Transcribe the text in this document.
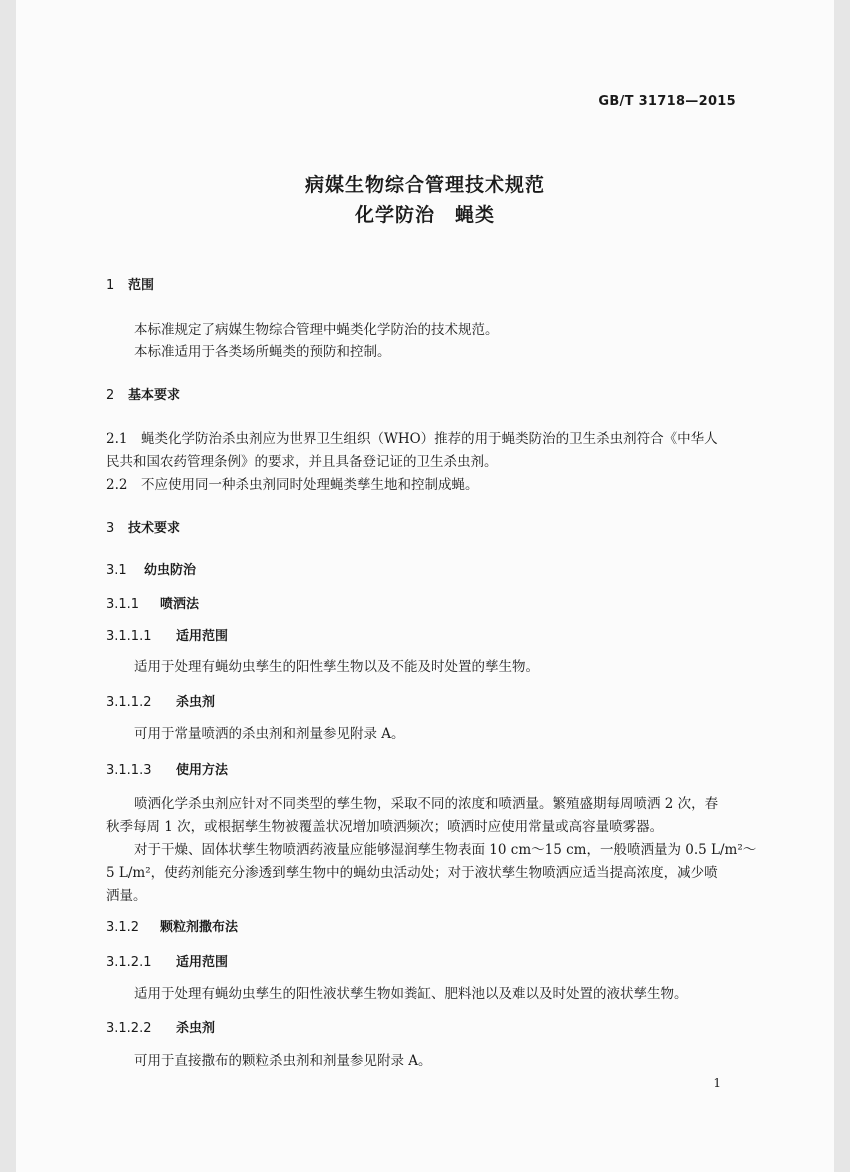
GB/T 31718—2015
病媒生物综合管理技术规范
化学防治　蝇类
1 范围
本标准规定了病媒生物综合管理中蝇类化学防治的技术规范。
本标准适用于各类场所蝇类的预防和控制。
2 基本要求
2.1　蝇类化学防治杀虫剂应为世界卫生组织（WHO）推荐的用于蝇类防治的卫生杀虫剂符合《中华人
民共和国农药管理条例》的要求，并且具备登记证的卫生杀虫剂。
2.2　不应使用同一种杀虫剂同时处理蝇类孳生地和控制成蝇。
3 技术要求
3.1 幼虫防治
3.1.1 喷洒法
3.1.1.1 适用范围
适用于处理有蝇幼虫孳生的阳性孳生物以及不能及时处置的孳生物。
3.1.1.2 杀虫剂
可用于常量喷洒的杀虫剂和剂量参见附录 A。
3.1.1.3 使用方法
喷洒化学杀虫剂应针对不同类型的孳生物，采取不同的浓度和喷洒量。繁殖盛期每周喷洒 2 次，春
秋季每周 1 次，或根据孳生物被覆盖状况增加喷洒频次；喷洒时应使用常量或高容量喷雾器。
对于干燥、固体状孳生物喷洒药液量应能够湿润孳生物表面 10 cm～15 cm，一般喷洒量为 0.5 L/m²～
5 L/m²，使药剂能充分渗透到孳生物中的蝇幼虫活动处；对于液状孳生物喷洒应适当提高浓度，减少喷
洒量。
3.1.2 颗粒剂撒布法
3.1.2.1 适用范围
适用于处理有蝇幼虫孳生的阳性液状孳生物如粪缸、肥料池以及难以及时处置的液状孳生物。
3.1.2.2 杀虫剂
可用于直接撒布的颗粒杀虫剂和剂量参见附录 A。
1
